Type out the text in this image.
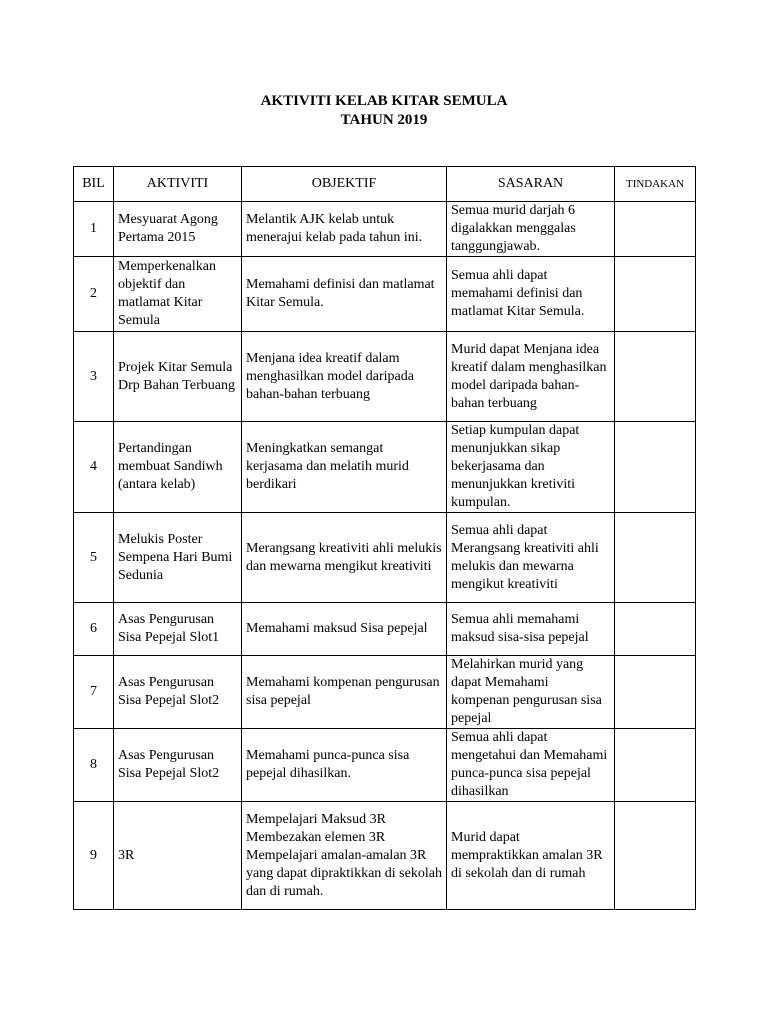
AKTIVITI KELAB KITAR SEMULA
TAHUN 2019
BIL	AKTIVITI	OBJEKTIF	SASARAN	TINDAKAN
1	Mesyuarat Agong Pertama 2015	Melantik AJK kelab untuk menerajui kelab pada tahun ini.	Semua murid darjah 6 digalakkan menggalas tanggungjawab.	
2	Memperkenalkan objektif dan matlamat Kitar Semula	Memahami definisi dan matlamat Kitar Semula.	Semua ahli dapat memahami definisi dan matlamat Kitar Semula.	
3	Projek Kitar Semula Drp Bahan Terbuang	Menjana idea kreatif dalam menghasilkan model daripada bahan-bahan terbuang	Murid dapat Menjana idea kreatif dalam menghasilkan model daripada bahan-bahan terbuang	
4	Pertandingan membuat Sandiwh (antara kelab)	Meningkatkan semangat kerjasama dan melatih murid berdikari	Setiap kumpulan dapat menunjukkan sikap bekerjasama dan menunjukkan kretiviti kumpulan.	
5	Melukis Poster Sempena Hari Bumi Sedunia	Merangsang kreativiti ahli melukis dan mewarna mengikut kreativiti	Semua ahli dapat Merangsang kreativiti ahli melukis dan mewarna mengikut kreativiti	
6	Asas Pengurusan Sisa Pepejal Slot1	Memahami maksud Sisa pepejal	Semua ahli memahami maksud sisa-sisa pepejal	
7	Asas Pengurusan Sisa Pepejal Slot2	Memahami kompenan pengurusan sisa pepejal	Melahirkan murid yang dapat Memahami kompenan pengurusan sisa pepejal	
8	Asas Pengurusan Sisa Pepejal Slot2	Memahami punca-punca sisa pepejal dihasilkan.	Semua ahli dapat mengetahui dan Memahami punca-punca sisa pepejal dihasilkan	
9	3R	Mempelajari Maksud 3R Membezakan elemen 3R Mempelajari amalan-amalan 3R yang dapat dipraktikkan di sekolah dan di rumah.	Murid dapat mempraktikkan amalan 3R di sekolah dan di rumah	
